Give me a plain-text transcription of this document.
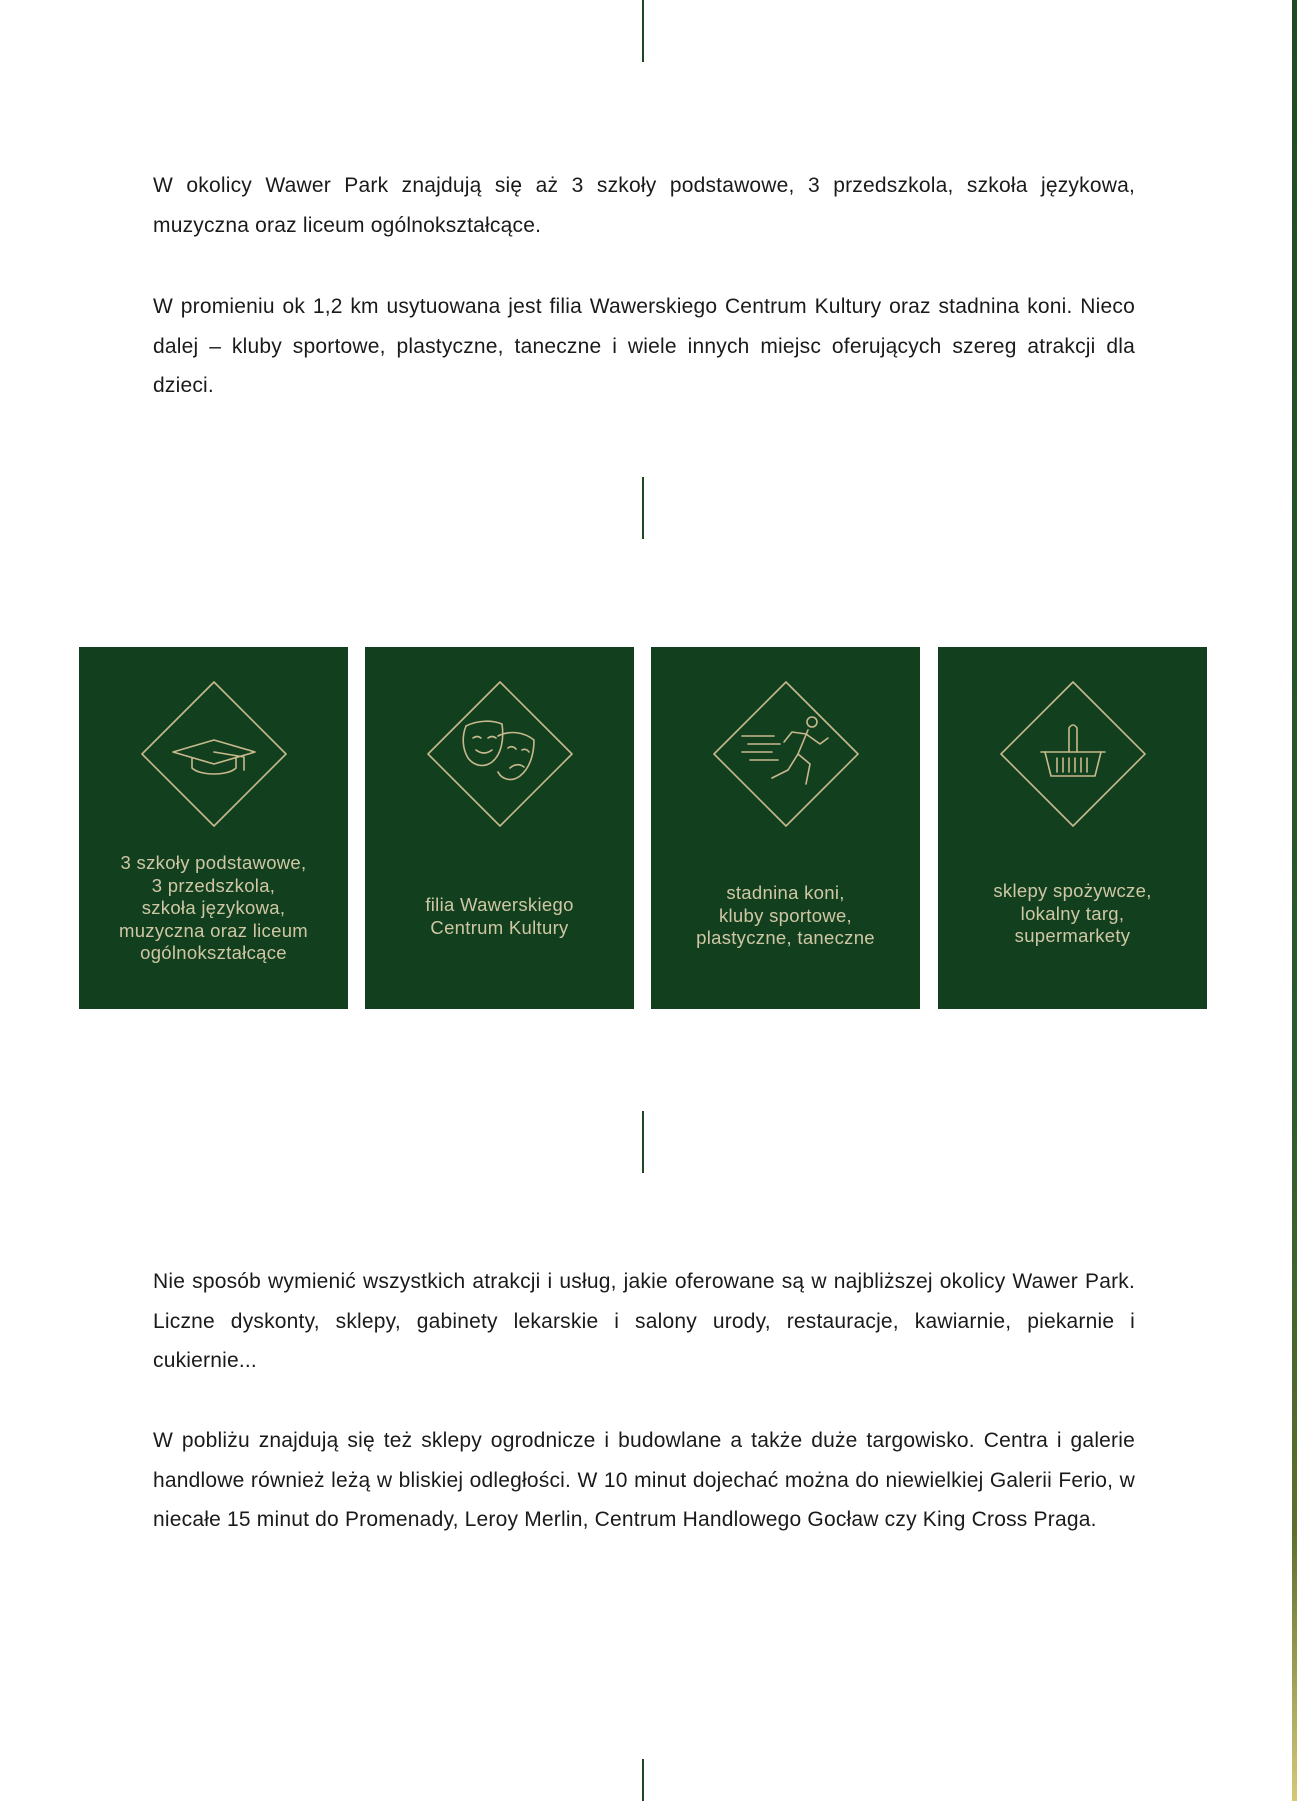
W okolicy Wawer Park znajdują się aż 3 szkoły podstawowe, 3 przedszkola, szkoła językowa, muzyczna oraz liceum ogólnokształcące.

W promieniu ok 1,2 km usytuowana jest filia Wawerskiego Centrum Kultury oraz stadnina koni. Nieco dalej – kluby sportowe, plastyczne, taneczne i wiele innych miejsc oferujących szereg atrakcji dla dzieci.

3 szkoły podstawowe,
3 przedszkola,
szkoła językowa,
muzyczna oraz liceum
ogólnokształcące

filia Wawerskiego
Centrum Kultury

stadnina koni,
kluby sportowe,
plastyczne, taneczne

sklepy spożywcze,
lokalny targ,
supermarkety

Nie sposób wymienić wszystkich atrakcji i usług, jakie oferowane są w najbliższej okolicy Wawer Park. Liczne dyskonty, sklepy, gabinety lekarskie i salony urody, restauracje, kawiarnie, piekarnie i cukiernie...

W pobliżu znajdują się też sklepy ogrodnicze i budowlane a także duże targowisko. Centra i galerie handlowe również leżą w bliskiej odległości. W 10 minut dojechać można do niewielkiej Galerii Ferio, w niecałe 15 minut do Promenady, Leroy Merlin, Centrum Handlowego Gocław czy King Cross Praga.
